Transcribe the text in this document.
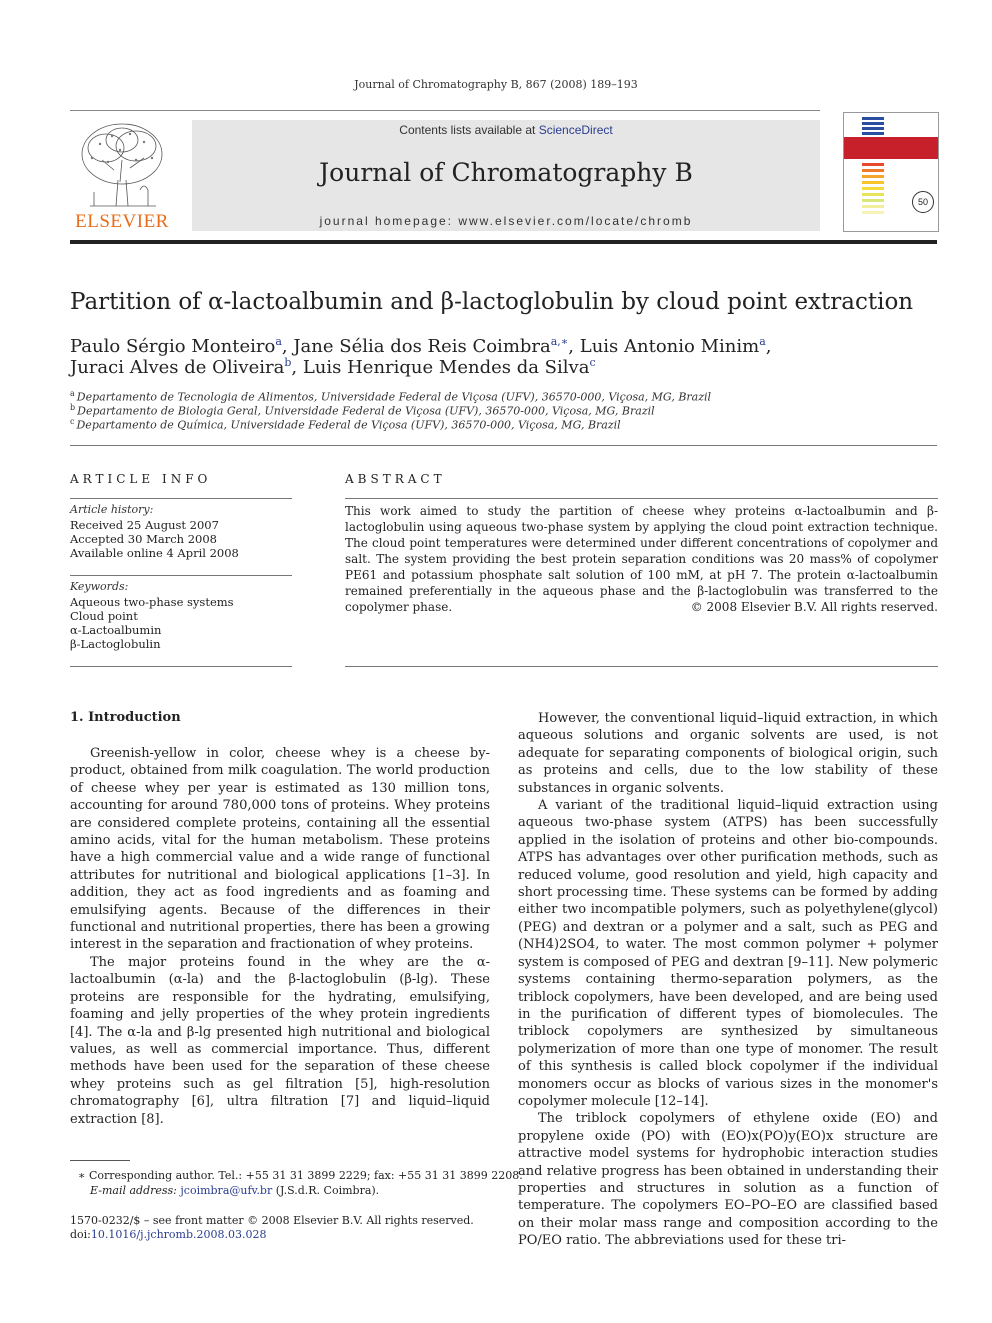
Journal of Chromatography B, 867 (2008) 189–193
ELSEVIER
Contents lists available at ScienceDirect
Journal of Chromatography B
journal homepage: www.elsevier.com/locate/chromb
50
Partition of α-lactoalbumin and β-lactoglobulin by cloud point extraction
Paulo Sérgio Monteiro$^a$, Jane Sélia dos Reis Coimbra$^{a,∗}$, Luis Antonio Minim$^a$,
Juraci Alves de Oliveira$^b$, Luis Henrique Mendes da Silva$^c$
$^a$ Departamento de Tecnologia de Alimentos, Universidade Federal de Viçosa (UFV), 36570-000, Viçosa, MG, Brazil
$^b$ Departamento de Biologia Geral, Universidade Federal de Viçosa (UFV), 36570-000, Viçosa, MG, Brazil
$^c$ Departamento de Química, Universidade Federal de Viçosa (UFV), 36570-000, Viçosa, MG, Brazil
ARTICLE INFO
Article history:
Received 25 August 2007
Accepted 30 March 2008
Available online 4 April 2008
Keywords:
Aqueous two-phase systems
Cloud point
α-Lactoalbumin
β-Lactoglobulin
ABSTRACT
This work aimed to study the partition of cheese whey proteins α-lactoalbumin and β-lactoglobulin using aqueous two-phase system by applying the cloud point extraction technique. The cloud point temperatures were determined under different concentrations of copolymer and salt. The system providing the best protein separation conditions was 20 mass% of copolymer PE61 and potassium phosphate salt solution of 100 mM, at pH 7. The protein α-lactoalbumin remained preferentially in the aqueous phase and the β-lactoglobulin was transferred to the copolymer phase.	© 2008 Elsevier B.V. All rights reserved.
1. Introduction

Greenish-yellow in color, cheese whey is a cheese by-product, obtained from milk coagulation. The world production of cheese whey per year is estimated as 130 million tons, accounting for around 780,000 tons of proteins. Whey proteins are considered complete proteins, containing all the essential amino acids, vital for the human metabolism. These proteins have a high commercial value and a wide range of functional attributes for nutritional and biological applications [1–3]. In addition, they act as food ingredients and as foaming and emulsifying agents. Because of the differences in their functional and nutritional properties, there has been a growing interest in the separation and fractionation of whey proteins.

The major proteins found in the whey are the α-lactoalbumin (α-la) and the β-lactoglobulin (β-lg). These proteins are responsible for the hydrating, emulsifying, foaming and jelly properties of the whey protein ingredients [4]. The α-la and β-lg presented high nutritional and biological values, as well as commercial importance. Thus, different methods have been used for the separation of these cheese whey proteins such as gel filtration [5], high-resolution chromatography [6], ultra filtration [7] and liquid–liquid extraction [8].

However, the conventional liquid–liquid extraction, in which aqueous solutions and organic solvents are used, is not adequate for separating components of biological origin, such as proteins and cells, due to the low stability of these substances in organic solvents.

A variant of the traditional liquid–liquid extraction using aqueous two-phase system (ATPS) has been successfully applied in the isolation of proteins and other bio-compounds. ATPS has advantages over other purification methods, such as reduced volume, good resolution and yield, high capacity and short processing time. These systems can be formed by adding either two incompatible polymers, such as polyethylene(glycol) (PEG) and dextran or a polymer and a salt, such as PEG and (NH4)2SO4, to water. The most common polymer + polymer system is composed of PEG and dextran [9–11]. New polymeric systems containing thermo-separation polymers, as the triblock copolymers, have been developed, and are being used in the purification of different types of biomolecules. The triblock copolymers are synthesized by simultaneous polymerization of more than one type of monomer. The result of this synthesis is called block copolymer if the individual monomers occur as blocks of various sizes in the monomer's copolymer molecule [12–14].

The triblock copolymers of ethylene oxide (EO) and propylene oxide (PO) with (EO)x(PO)y(EO)x structure are attractive model systems for hydrophobic interaction studies and relative progress has been obtained in understanding their properties and structures in solution as a function of temperature. The copolymers EO–PO–EO are classified based on their molar mass range and composition according to the PO/EO ratio. The abbreviations used for these tri-

∗ Corresponding author. Tel.: +55 31 31 3899 2229; fax: +55 31 31 3899 2208.
E-mail address: jcoimbra@ufv.br (J.S.d.R. Coimbra).
1570-0232/$ – see front matter © 2008 Elsevier B.V. All rights reserved.
doi:10.1016/j.jchromb.2008.03.028
